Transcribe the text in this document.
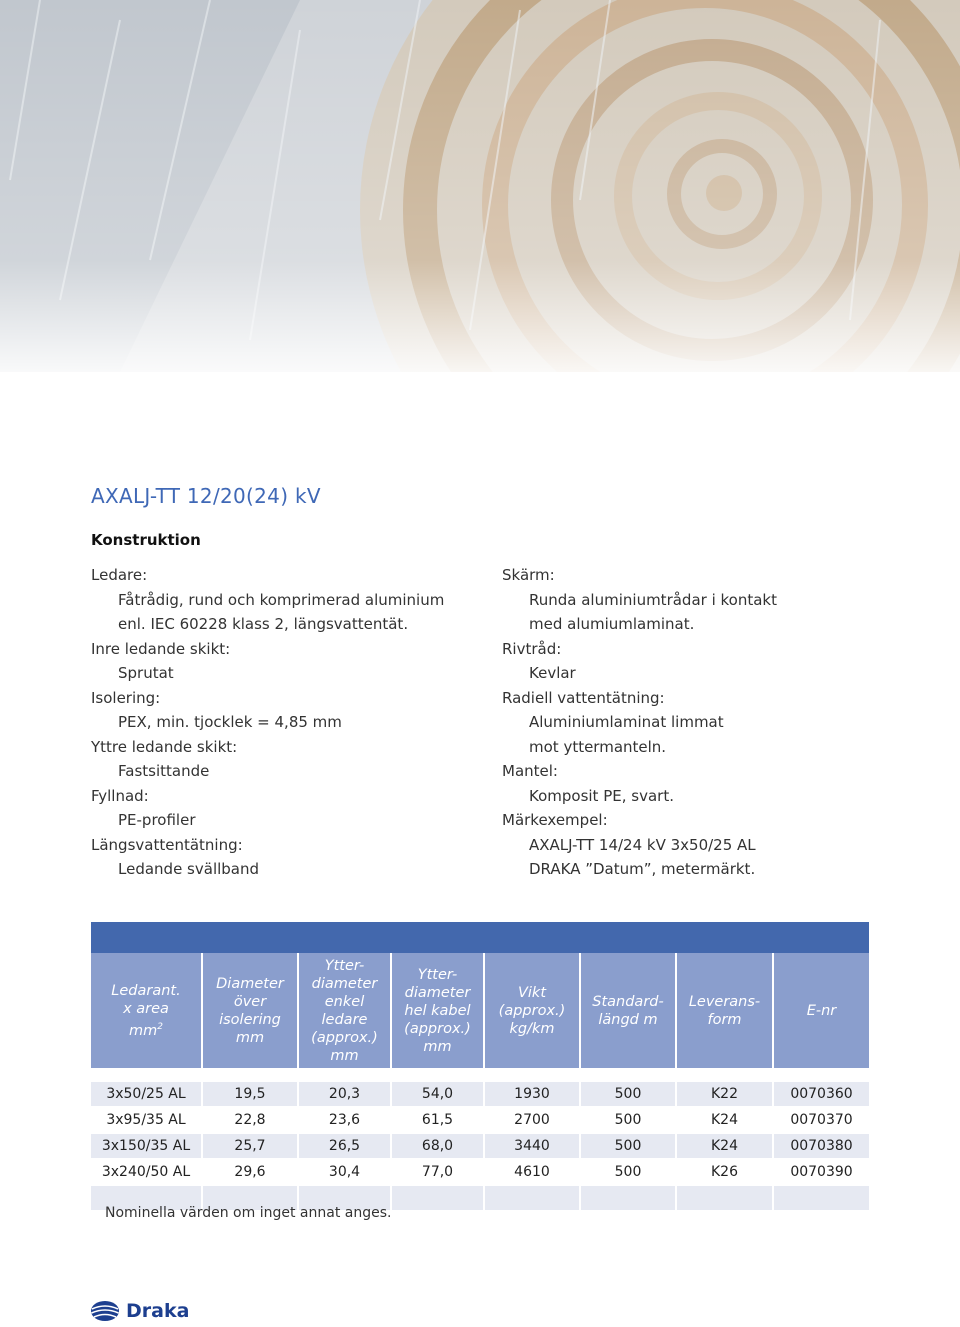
AXALJ-TT 12/20(24) kV
Konstruktion
Ledare:
Fåtrådig, rund och komprimerad aluminium
enl. IEC 60228 klass 2, längsvattentät.
Inre ledande skikt:
Sprutat
Isolering:
PEX, min. tjocklek = 4,85 mm
Yttre ledande skikt:
Fastsittande
Fyllnad:
PE-profiler
Längsvattentätning:
Ledande svällband
Skärm:
Runda aluminiumtrådar i kontakt
med alumiumlaminat.
Rivtråd:
Kevlar
Radiell vattentätning:
Aluminiumlaminat limmat
mot yttermanteln.
Mantel:
Komposit PE, svart.
Märkexempel:
AXALJ-TT 14/24 kV 3x50/25 AL
DRAKA ”Datum”, metermärkt.
Ledarant.
x area
$mm^2$	Diameter
över
isolering
mm	Ytter-
diameter
enkel ledare
(approx.)
mm	Ytter-
diameter
hel kabel
(approx.)
mm	Vikt
(approx.)
kg/km	Standard-
längd m	Leverans-
form	E-nr

3x50/25 AL	19,5	20,3	54,0	1930	500	K22	0070360
3x95/35 AL	22,8	23,6	61,5	2700	500	K24	0070370
3x150/35 AL	25,7	26,5	68,0	3440	500	K24	0070380
3x240/50 AL	29,6	30,4	77,0	4610	500	K26	0070390

Nominella värden om inget annat anges.
Draka
